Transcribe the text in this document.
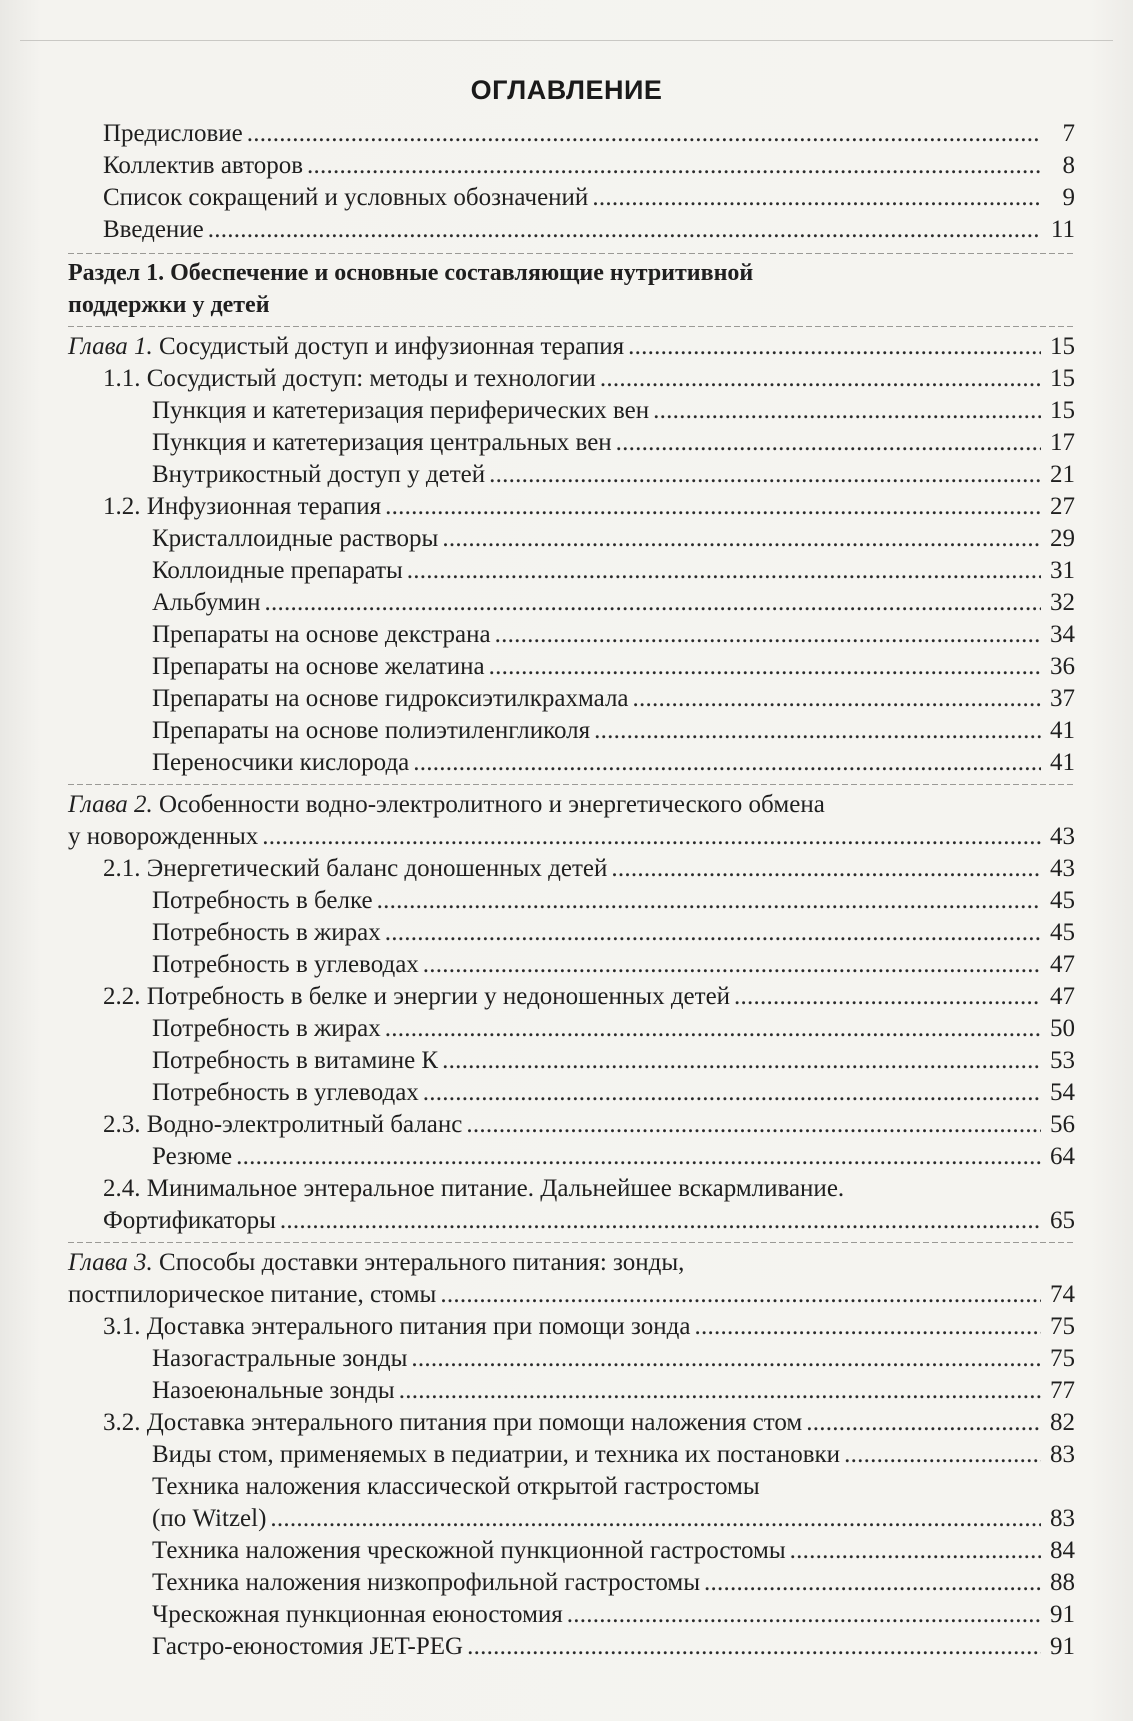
ОГЛАВЛЕНИЕ
Предисловие . . .	7
Коллектив авторов . . .	8
Список сокращений и условных обозначений . . .	9
Введение . . .	11
Раздел 1. Обеспечение и основные составляющие нутритивной
поддержки у детей
Глава 1. Сосудистый доступ и инфузионная терапия . . .	15
1.1. Сосудистый доступ: методы и технологии . . .	15
Пункция и катетеризация периферических вен . . .	15
Пункция и катетеризация центральных вен . . .	17
Внутрикостный доступ у детей . . .	21
1.2. Инфузионная терапия . . .	27
Кристаллоидные растворы . . .	29
Коллоидные препараты . . .	31
Альбумин . . .	32
Препараты на основе декстрана . . .	34
Препараты на основе желатина . . .	36
Препараты на основе гидроксиэтилкрахмала . . .	37
Препараты на основе полиэтиленгликоля . . .	41
Переносчики кислорода . . .	41
Глава 2. Особенности водно-электролитного и энергетического обмена
у новорожденных . . .	43
2.1. Энергетический баланс доношенных детей . . .	43
Потребность в белке . . .	45
Потребность в жирах . . .	45
Потребность в углеводах . . .	47
2.2. Потребность в белке и энергии у недоношенных детей . . .	47
Потребность в жирах . . .	50
Потребность в витамине К . . .	53
Потребность в углеводах . . .	54
2.3. Водно-электролитный баланс . . .	56
Резюме . . .	64
2.4. Минимальное энтеральное питание. Дальнейшее вскармливание.
Фортификаторы . . .	65
Глава 3. Способы доставки энтерального питания: зонды,
постпилорическое питание, стомы . . .	74
3.1. Доставка энтерального питания при помощи зонда . . .	75
Назогастральные зонды . . .	75
Назоеюнальные зонды . . .	77
3.2. Доставка энтерального питания при помощи наложения стом . . .	82
Виды стом, применяемых в педиатрии, и техника их постановки . . .	83
Техника наложения классической открытой гастростомы
(по Witzel) . . .	83
Техника наложения чрескожной пункционной гастростомы . . .	84
Техника наложения низкопрофильной гастростомы . . .	88
Чрескожная пункционная еюностомия . . .	91
Гастро-еюностомия JET-PEG . . .	91
